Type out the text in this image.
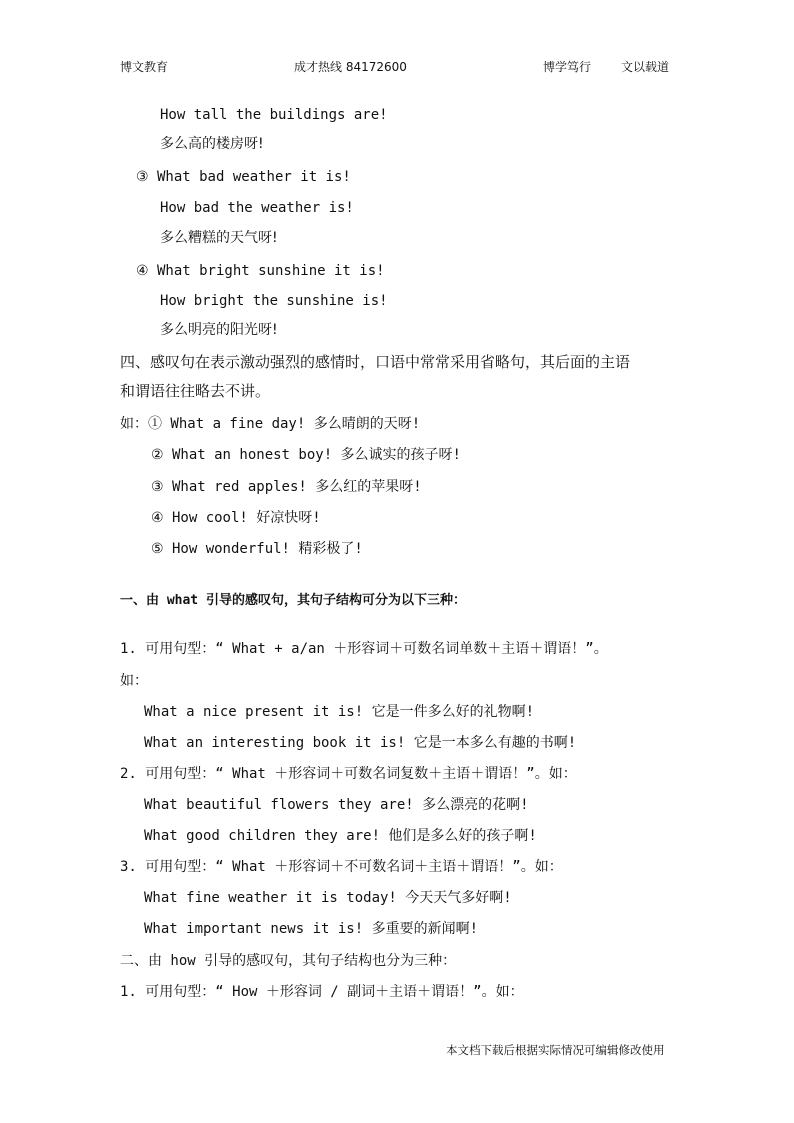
博文教育	成才热线 84172600	博学笃行	文以载道
How tall the buildings are!
多么高的楼房呀!
③ What bad weather it is!
How bad the weather is!
多么糟糕的天气呀!
④ What bright sunshine it is!
How bright the sunshine is!
多么明亮的阳光呀!
四、感叹句在表示激动强烈的感情时，口语中常常采用省略句，其后面的主语
和谓语往往略去不讲。
如：① What a fine day! 多么晴朗的天呀!
② What an honest boy! 多么诚实的孩子呀!
③ What red apples! 多么红的苹果呀!
④ How cool! 好凉快呀!
⑤ How wonderful! 精彩极了!
一、由 what 引导的感叹句，其句子结构可分为以下三种：
1. 可用句型：“ What + a/an ＋形容词＋可数名词单数＋主语＋谓语！”。
如：
What a nice present it is! 它是一件多么好的礼物啊!
What an interesting book it is! 它是一本多么有趣的书啊!
2. 可用句型：“ What ＋形容词＋可数名词复数＋主语＋谓语！”。如：
What beautiful flowers they are! 多么漂亮的花啊!
What good children they are! 他们是多么好的孩子啊!
3. 可用句型：“ What ＋形容词＋不可数名词＋主语＋谓语！”。如：
What fine weather it is today! 今天天气多好啊!
What important news it is! 多重要的新闻啊!
二、由 how 引导的感叹句，其句子结构也分为三种：
1. 可用句型：“ How ＋形容词 / 副词＋主语＋谓语！”。如：
本文档下载后根据实际情况可编辑修改使用
